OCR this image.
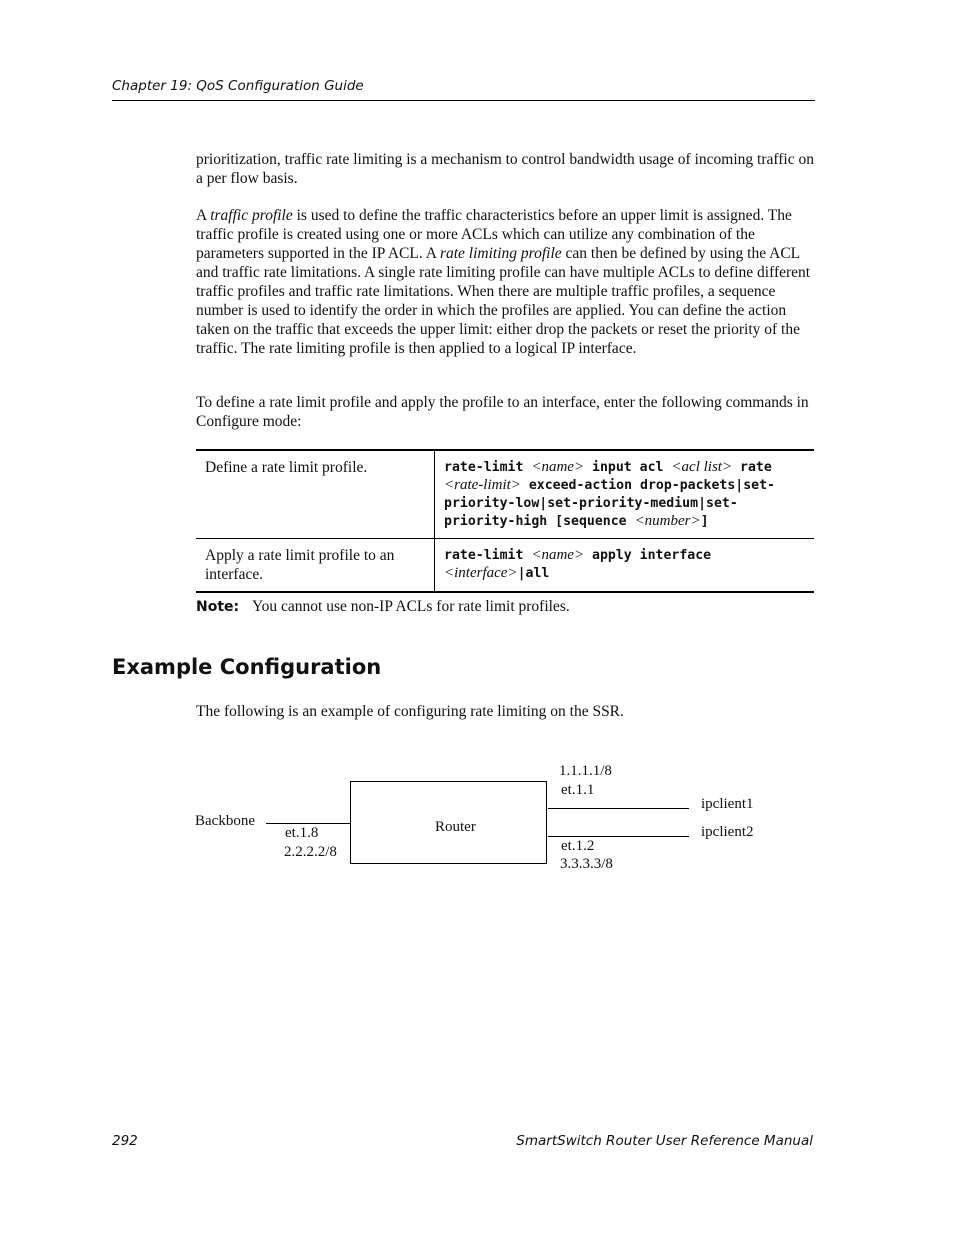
Chapter 19: QoS Configuration Guide

prioritization, traffic rate limiting is a mechanism to control bandwidth usage of incoming traffic on a per flow basis.

A traffic profile is used to define the traffic characteristics before an upper limit is assigned. The traffic profile is created using one or more ACLs which can utilize any combination of the parameters supported in the IP ACL. A rate limiting profile can then be defined by using the ACL and traffic rate limitations. A single rate limiting profile can have multiple ACLs to define different traffic profiles and traffic rate limitations. When there are multiple traffic profiles, a sequence number is used to identify the order in which the profiles are applied. You can define the action taken on the traffic that exceeds the upper limit: either drop the packets or reset the priority of the traffic. The rate limiting profile is then applied to a logical IP interface.

To define a rate limit profile and apply the profile to an interface, enter the following commands in Configure mode:

Define a rate limit profile.	rate-limit <name> input acl <acl list> rate <rate-limit> exceed-action drop-packets|set-priority-low|set-priority-medium|set-priority-high [sequence <number>]
Apply a rate limit profile to an interface.	rate-limit <name> apply interface
<interface>|all
Note: You cannot use non-IP ACLs for rate limit profiles.
Example Configuration

The following is an example of configuring rate limiting on the SSR.

Router
Backbone
et.1.8
2.2.2.2/8
1.1.1.1/8
et.1.1
ipclient1
et.1.2
3.3.3.3/8
ipclient2
292	SmartSwitch Router User Reference Manual
